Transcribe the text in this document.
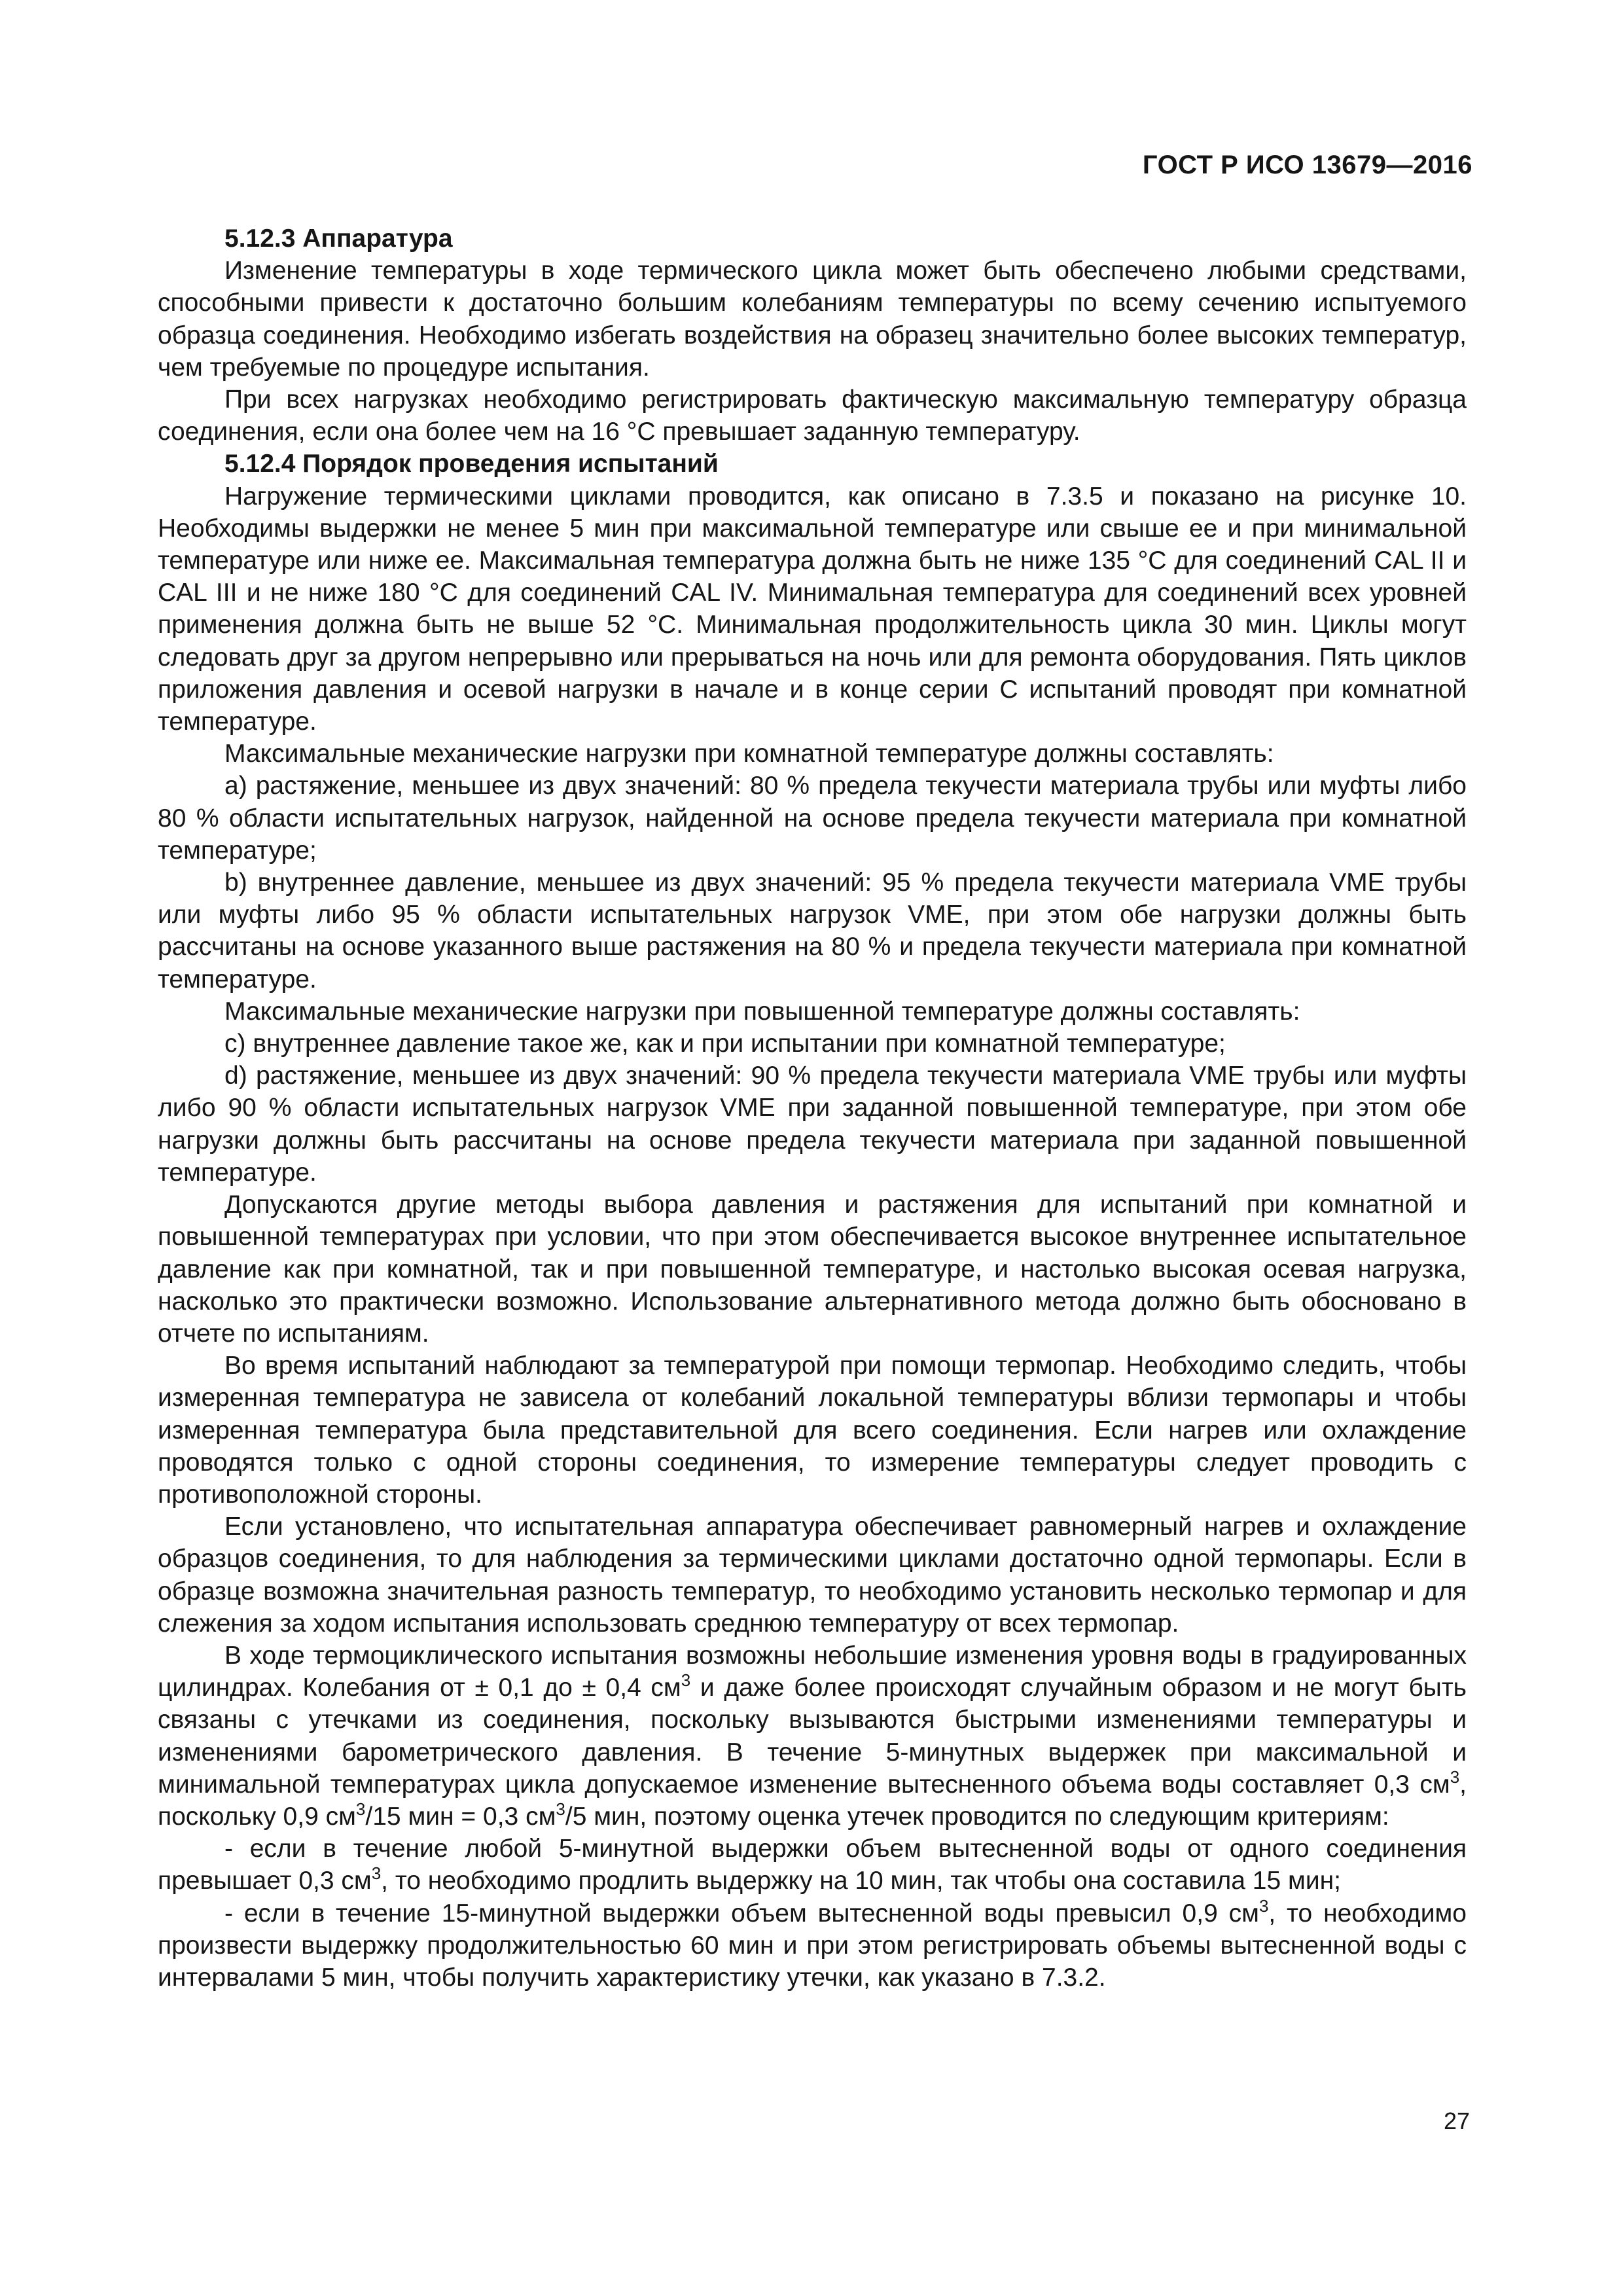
ГОСТ Р ИСО 13679—2016
5.12.3 Аппаратура

Изменение температуры в ходе термического цикла может быть обеспечено любыми средствами, способными привести к достаточно большим колебаниям температуры по всему сечению испытуемого образца соединения. Необходимо избегать воздействия на образец значительно более высоких температур, чем требуемые по процедуре испытания.

При всех нагрузках необходимо регистрировать фактическую максимальную температуру образца соединения, если она более чем на 16 °С превышает заданную температуру.

5.12.4 Порядок проведения испытаний

Нагружение термическими циклами проводится, как описано в 7.3.5 и показано на рисунке 10. Необходимы выдержки не менее 5 мин при максимальной температуре или свыше ее и при минимальной температуре или ниже ее. Максимальная температура должна быть не ниже 135 °С для соединений CAL II и CAL III и не ниже 180 °С для соединений CAL IV. Минимальная температура для соединений всех уровней применения должна быть не выше 52 °С. Минимальная продолжительность цикла 30 мин. Циклы могут следовать друг за другом непрерывно или прерываться на ночь или для ремонта оборудования. Пять циклов приложения давления и осевой нагрузки в начале и в конце серии С испытаний проводят при комнатной температуре.

Максимальные механические нагрузки при комнатной температуре должны составлять:

а) растяжение, меньшее из двух значений: 80 % предела текучести материала трубы или муфты либо 80 % области испытательных нагрузок, найденной на основе предела текучести материала при комнатной температуре;

b) внутреннее давление, меньшее из двух значений: 95 % предела текучести материала VME трубы или муфты либо 95 % области испытательных нагрузок VME, при этом обе нагрузки должны быть рассчитаны на основе указанного выше растяжения на 80 % и предела текучести материала при комнатной температуре.

Максимальные механические нагрузки при повышенной температуре должны составлять:

с) внутреннее давление такое же, как и при испытании при комнатной температуре;

d) растяжение, меньшее из двух значений: 90 % предела текучести материала VME трубы или муфты либо 90 % области испытательных нагрузок VME при заданной повышенной температуре, при этом обе нагрузки должны быть рассчитаны на основе предела текучести материала при заданной повышенной температуре.

Допускаются другие методы выбора давления и растяжения для испытаний при комнатной и повышенной температурах при условии, что при этом обеспечивается высокое внутреннее испытательное давление как при комнатной, так и при повышенной температуре, и настолько высокая осевая нагрузка, насколько это практически возможно. Использование альтернативного метода должно быть обосновано в отчете по испытаниям.

Во время испытаний наблюдают за температурой при помощи термопар. Необходимо следить, чтобы измеренная температура не зависела от колебаний локальной температуры вблизи термопары и чтобы измеренная температура была представительной для всего соединения. Если нагрев или охлаждение проводятся только с одной стороны соединения, то измерение температуры следует проводить с противоположной стороны.

Если установлено, что испытательная аппаратура обеспечивает равномерный нагрев и охлаждение образцов соединения, то для наблюдения за термическими циклами достаточно одной термопары. Если в образце возможна значительная разность температур, то необходимо установить несколько термопар и для слежения за ходом испытания использовать среднюю температуру от всех термопар.

В ходе термоциклического испытания возможны небольшие изменения уровня воды в градуированных цилиндрах. Колебания от ± 0,1 до ± 0,4 $см^3$ и даже более происходят случайным образом и не могут быть связаны с утечками из соединения, поскольку вызываются быстрыми изменениями температуры и изменениями барометрического давления. В течение 5-минутных выдержек при максимальной и минимальной температурах цикла допускаемое изменение вытесненного объема воды составляет 0,3 $см^3$, поскольку 0,9 $см^3/15$ мин = 0,3 $см^3/5$ мин, поэтому оценка утечек проводится по следующим критериям:

- если в течение любой 5-минутной выдержки объем вытесненной воды от одного соединения превышает 0,3 $см^3$, то необходимо продлить выдержку на 10 мин, так чтобы она составила 15 мин;

- если в течение 15-минутной выдержки объем вытесненной воды превысил 0,9 $см^3$, то необходимо произвести выдержку продолжительностью 60 мин и при этом регистрировать объемы вытесненной воды с интервалами 5 мин, чтобы получить характеристику утечки, как указано в 7.3.2.

27
